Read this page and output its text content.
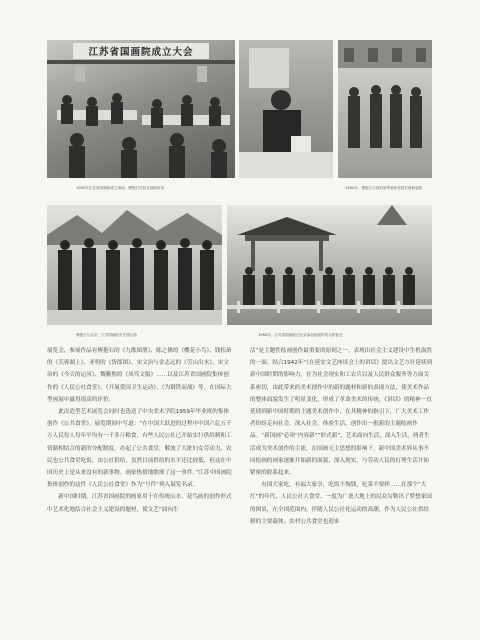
江苏省国画院成立大会
1960年江苏省国画院成立现场，傅抱石在院长就职讲话	1960年，傅抱石与钱松喦等画家在院长就职留影
傅抱石与北京、江苏国画院写生团合影	1960年，江苏省国画院在北京参加画展时的合影留念

展览会，参展作品有傅抱石的《九歌图册》、陈之佛的《樱花小鸟》、钱松喦的《芙蓉湖上》、亚明的《货郎图》、宋文治与金志远的《劳山出水》、宋文治的《今天的运河》、魏紫熙的《凤笃文船》……以及江苏省国画院集体创作的《人民公社食堂》、《开展爱国卫生运动》、《为钢铁而战》等，在国际大型画展中赢得很高的评价。

此次造型艺术展览会同时也选送了中央美术学院1959年毕业班的集体创作《公共食堂》，展览期间中写道：“在中国大跃进的过程中中国六亿五千万人民每人每年平均有一千多斤粮食，有些人民公社已开始实行供给制和工资制相结合的新的分配制度，办起了公共食堂，解放了大批妇女劳动力，农民也公共食堂吃饭，由公社供给，虽然目前供给的水平还比较低，但这在中国历史上是从来没有的新事物。画家热情地歌颂了这一事件。”江苏中国画院集体创作的这件《人民公社食堂》作为“号件”列入展览名录。

新中国时期，江苏省国画院的画家用于在传统山水、花鸟画的创作形式中艺术化地结合社会主义建设的题材，使文艺“面向生

活”是主题性绘画创作最重要的原则之一，表现出社会主义建设中生机盎然的一面。结合1942年“《在延安文艺座谈会上的讲话》提出文艺方针延续到新中国时期的影响力。在为社会现实和工农兵以及人民群众服务等方面关系密切，由此带来的美术创作中的新的题材和新的表现方法，使美术作品的整体面貌发生了明显变化，形成了革命美术的传统。《讲话》的精神一直延续到新中国时期的主题美术创作中，在其精神的指引下，广大美术工作者纷纷走向社会，深入社会，体验生活，创作出一批新的主题绘画作品。“新国画”必须“内容新”“形式新”，艺术面向生活，深入生活，两者生活成为美术创作的主流，在国画无主思想的影响下，新中国美术界从事不同绘画的画家逐渐开始新的面貌，深入现实，与劳动人民的打理生活开始紧密的联系起来。

有国大家吃，有福大家享，吃饭不掏钱，吃菜不要样……在那个“大红”的年代，人民公社大食堂、一度为广袤大地上的民众勾勒出了梦想家园的图景，在全国范围内，伴随人民公社化运动的高潮，作为人民公社供给制的主要载体，农村公共食堂也迎来
